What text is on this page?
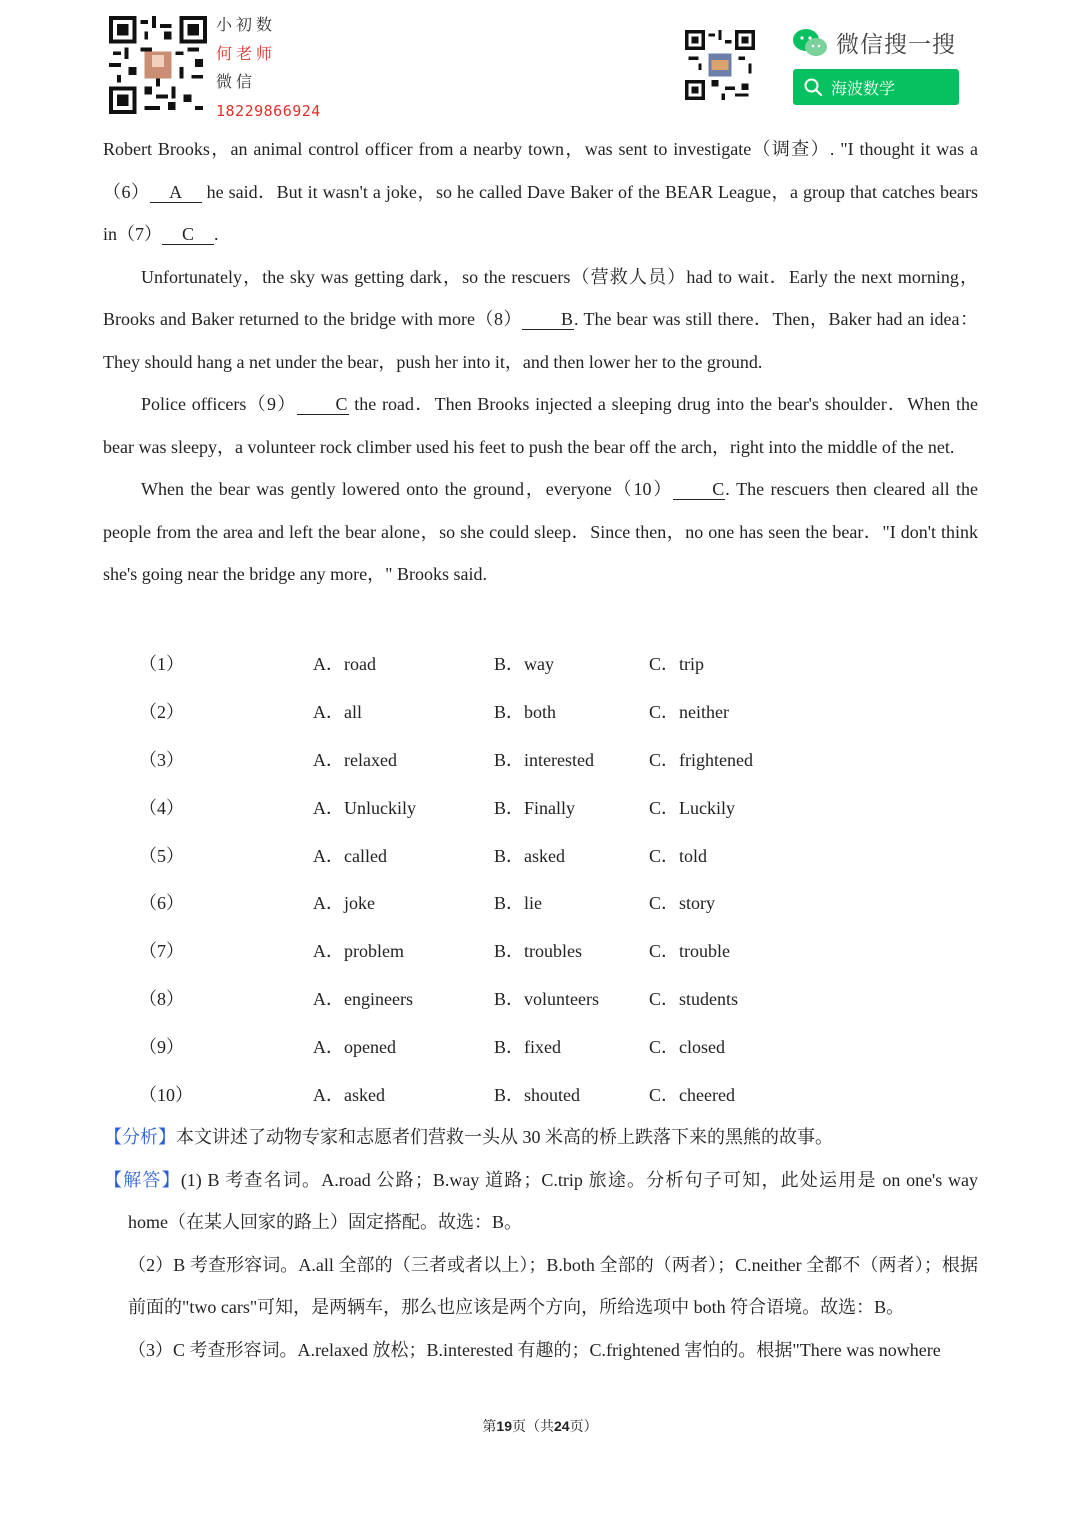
小初数
何老师
微信
18229866924
微信搜一搜
海波数学

Robert Brooks，an animal control officer from a nearby town，was sent to investigate（调查）. "I thought it was a（6） A he said．But it wasn't a joke，so he called Dave Baker of the BEAR League，a group that catches bears in（7） C .

Unfortunately，the sky was getting dark，so the rescuers（营救人员）had to wait．Early the next morning，Brooks and Baker returned to the bridge with more（8） B. The bear was still there．Then，Baker had an idea：They should hang a net under the bear，push her into it，and then lower her to the ground.

Police officers（9） C the road．Then Brooks injected a sleeping drug into the bear's shoulder．When the bear was sleepy，a volunteer rock climber used his feet to push the bear off the arch，right into the middle of the net.

When the bear was gently lowered onto the ground，everyone（10） C. The rescuers then cleared all the people from the area and left the bear alone，so she could sleep．Since then，no one has seen the bear．"I don't think she's going near the bridge any more，" Brooks said.

（1）	A．road	B．way	C．trip
（2）	A．all	B．both	C．neither
（3）	A．relaxed	B．interested	C．frightened
（4）	A．Unluckily	B．Finally	C．Luckily
（5）	A．called	B．asked	C．told
（6）	A．joke	B．lie	C．story
（7）	A．problem	B．troubles	C．trouble
（8）	A．engineers	B．volunteers	C．students
（9）	A．opened	B．fixed	C．closed
（10）	A．asked	B．shouted	C．cheered

【分析】本文讲述了动物专家和志愿者们营救一头从 30 米高的桥上跌落下来的黑熊的故事。

【解答】(1) B 考查名词。A.road 公路；B.way 道路；C.trip 旅途。分析句子可知，此处运用是 on one's way home（在某人回家的路上）固定搭配。故选：B。

（2）B 考查形容词。A.all 全部的（三者或者以上）；B.both 全部的（两者）；C.neither 全都不（两者）；根据前面的"two cars"可知，是两辆车，那么也应该是两个方向，所给选项中 both 符合语境。故选：B。

（3）C 考查形容词。A.relaxed 放松；B.interested 有趣的；C.frightened 害怕的。根据"There was nowhere

第19页（共24页）
